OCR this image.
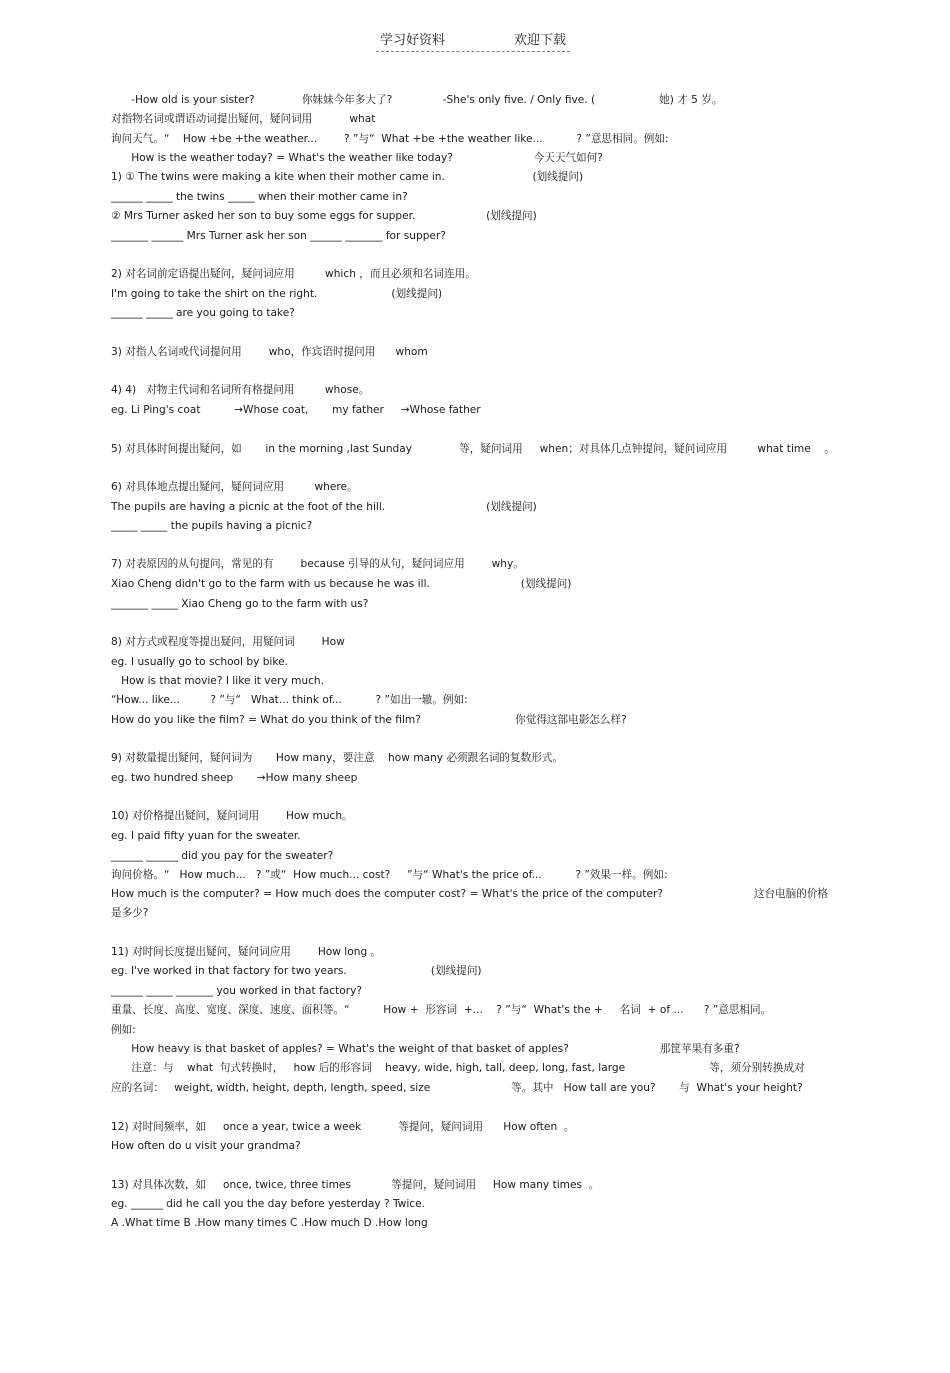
学习好资料	欢迎下载
-How old is your sister?              你妹妹今年多大了?               -She's only five. / Only five. (                   她) 才 5 岁。
对指物名词或谓语动词提出疑问，疑问词用           what
询问天气。“    How +be +the weather...        ? ”与“  What +be +the weather like...          ? ”意思相同。例如:
How is the weather today? = What's the weather like today?                        今天天气如何?
1) ① The twins were making a kite when their mother came in.                          (划线提问)
______ _____ the twins _____ when their mother came in?
② Mrs Turner asked her son to buy some eggs for supper.                     (划线提问)
_______ ______ Mrs Turner ask her son ______ _______ for supper?
2) 对名词前定语提出疑问，疑问词应用         which ，而且必须和名词连用。
I'm going to take the shirt on the right.                      (划线提问)
______ _____ are you going to take?
3) 对指人名词或代词提问用        who，作宾语时提问用      whom
4) 4)   对物主代词和名词所有格提问用         whose。
eg. Li Ping's coat          →Whose coat,       my father     →Whose father
5) 对具体时间提出疑问，如       in the morning ,last Sunday              等，疑问词用     when；对具体几点钟提问，疑问词应用         what time    。
6) 对具体地点提出疑问，疑问词应用         where。
The pupils are having a picnic at the foot of the hill.                              (划线提问)
_____ _____ the pupils having a picnic?
7) 对表原因的从句提问，常见的有        because 引导的从句，疑问词应用        why。
Xiao Cheng didn't go to the farm with us because he was ill.                           (划线提问)
_______ _____ Xiao Cheng go to the farm with us?
8) 对方式或程度等提出疑问，用疑问词        How
eg. I usually go to school by bike.
How is that movie? I like it very much.
“How... like...         ? ”与“   What... think of...          ? ”如出一辙。例如:
How do you like the film? = What do you think of the film?                            你觉得这部电影怎么样?
9) 对数量提出疑问，疑问词为       How many，要注意    how many 必须跟名词的复数形式。
eg. two hundred sheep       →How many sheep
10) 对价格提出疑问，疑问词用        How much。
eg. I paid fifty yuan for the sweater.
______ ______ did you pay for the sweater?
询问价格。“   How much...   ? ”或“  How much... cost?     ”与“ What's the price of...          ? ”效果一样。例如:
How much is the computer? = How much does the computer cost? = What's the price of the computer?                           这台电脑的价格
是多少?
11) 对时间长度提出疑问，疑问词应用        How long 。
eg. I've worked in that factory for two years.                         (划线提问)
______ _____ _______ you worked in that factory?
重量、长度、高度、宽度、深度、速度、面积等。“          How +  形容词  +...    ? ”与“  What's the +     名词  + of ...      ? ”意思相同。
例如:
How heavy is that basket of apples? = What's the weight of that basket of apples?                           那筐苹果有多重?
注意：与    what  句式转换时，   how 后的形容词    heavy, wide, high, tall, deep, long, fast, large                         等，须分别转换成对
应的名词：   weight, width, height, depth, length, speed, size                        等。其中   How tall are you?       与  What's your height?
12) 对时间频率，如     once a year, twice a week           等提问，疑问词用      How often  。
How often do u visit your grandma?
13) 对具体次数，如     once, twice, three times            等提问，疑问词用     How many times  。
eg. ______ did he call you the day before yesterday ? Twice.
A .What time B .How many times C .How much D .How long
